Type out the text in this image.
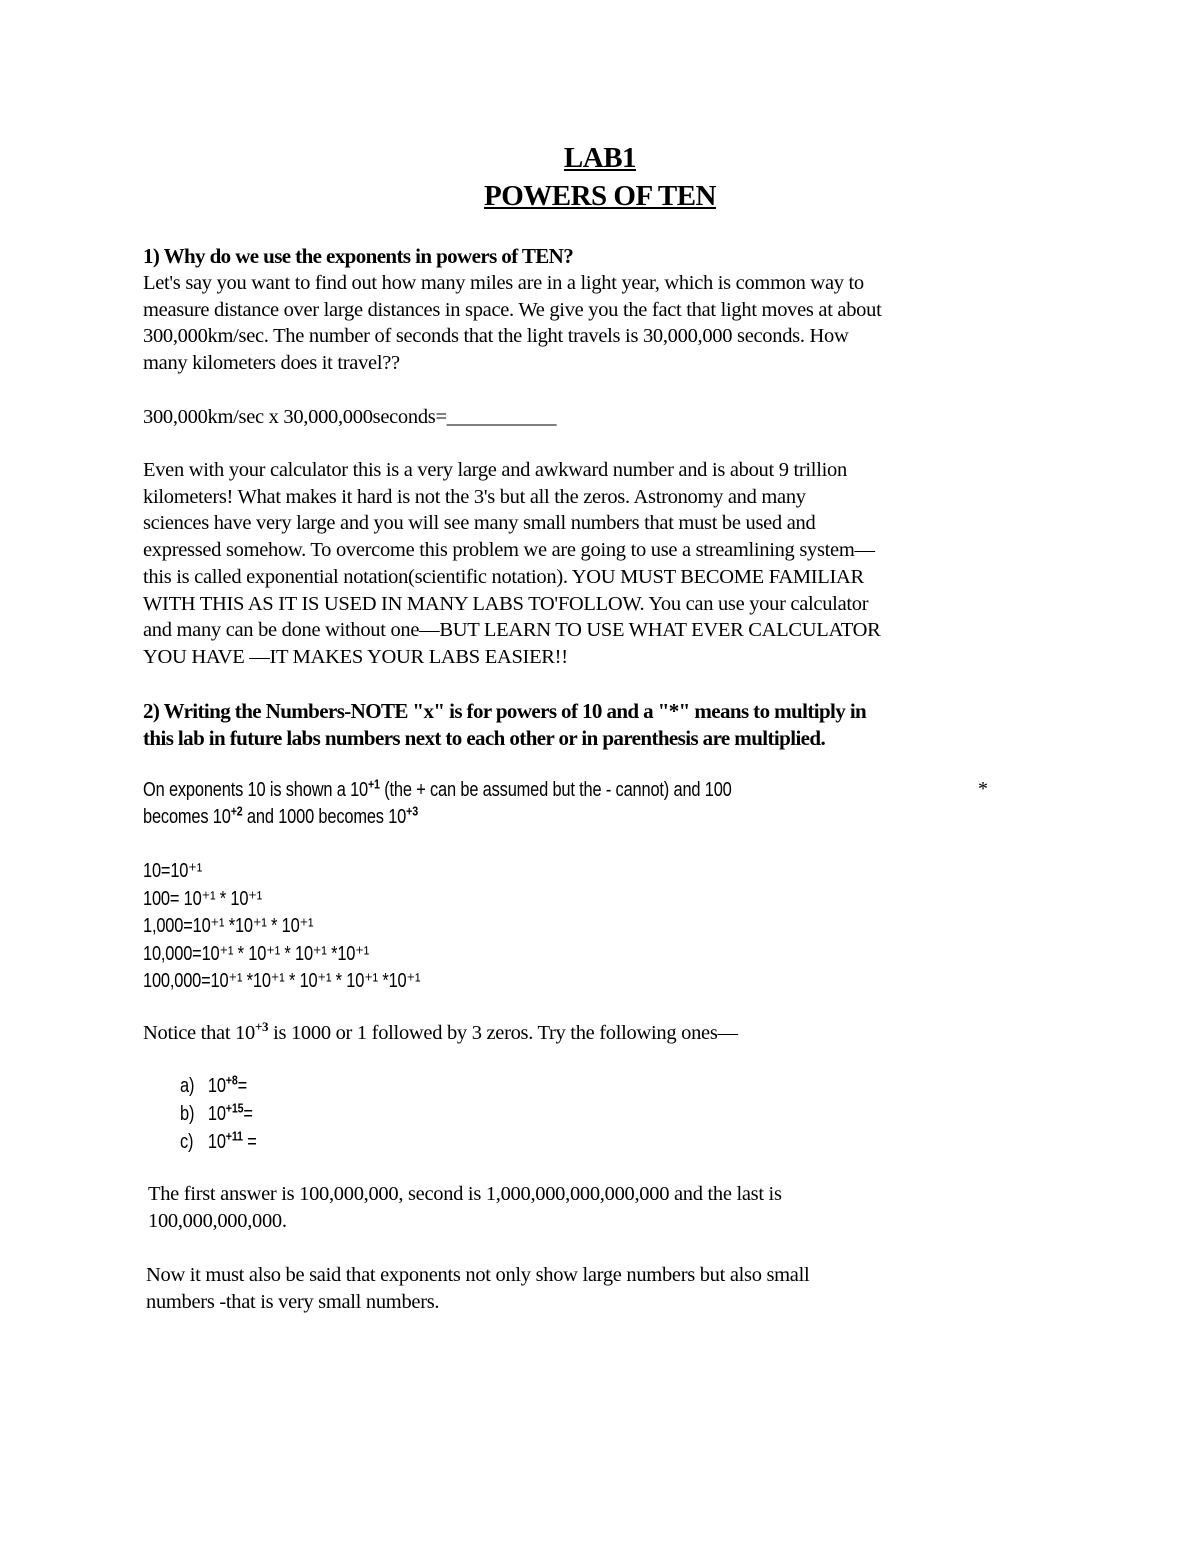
LAB1
POWERS OF TEN
1) Why do we use the exponents in powers of TEN?
Let's say you want to find out how many miles are in a light year, which is common way to
measure distance over large distances in space. We give you the fact that light moves at about
300,000km/sec. The number of seconds that the light travels is 30,000,000 seconds. How
many kilometers does it travel??
300,000km/sec x 30,000,000seconds=___________
Even with your calculator this is a very large and awkward number and is about 9 trillion
kilometers! What makes it hard is not the 3's but all the zeros. Astronomy and many
sciences have very large and you will see many small numbers that must be used and
expressed somehow. To overcome this problem we are going to use a streamlining system—
this is called exponential notation(scientific notation). YOU MUST BECOME FAMILIAR
WITH THIS AS IT IS USED IN MANY LABS TO'FOLLOW. You can use your calculator
and many can be done without one—BUT LEARN TO USE WHAT EVER CALCULATOR
YOU HAVE —IT MAKES YOUR LABS EASIER!!
2) Writing the Numbers-NOTE "x" is for powers of 10 and a "*" means to multiply in
this lab in future labs numbers next to each other or in parenthesis are multiplied.
On exponents 10 is shown a $10^{+1}$ (the + can be assumed but the - cannot) and 100
becomes $10^{+2}$ and 1000 becomes $10^{+3}$
*
10=10⁺¹
100= 10⁺¹ * 10⁺¹
1,000=10⁺¹ *10⁺¹ * 10⁺¹
10,000=10⁺¹ * 10⁺¹ * 10⁺¹ *10⁺¹
100,000=10⁺¹ *10⁺¹ * 10⁺¹ * 10⁺¹ *10⁺¹
Notice that $10^{+3}$ is 1000 or 1 followed by 3 zeros. Try the following ones—
a) $10^{+8}=$
b) $10^{+15}=$
c) $10^{+11}$ =
The first answer is 100,000,000, second is 1,000,000,000,000,000 and the last is
100,000,000,000.
Now it must also be said that exponents not only show large numbers but also small
numbers -that is very small numbers.
